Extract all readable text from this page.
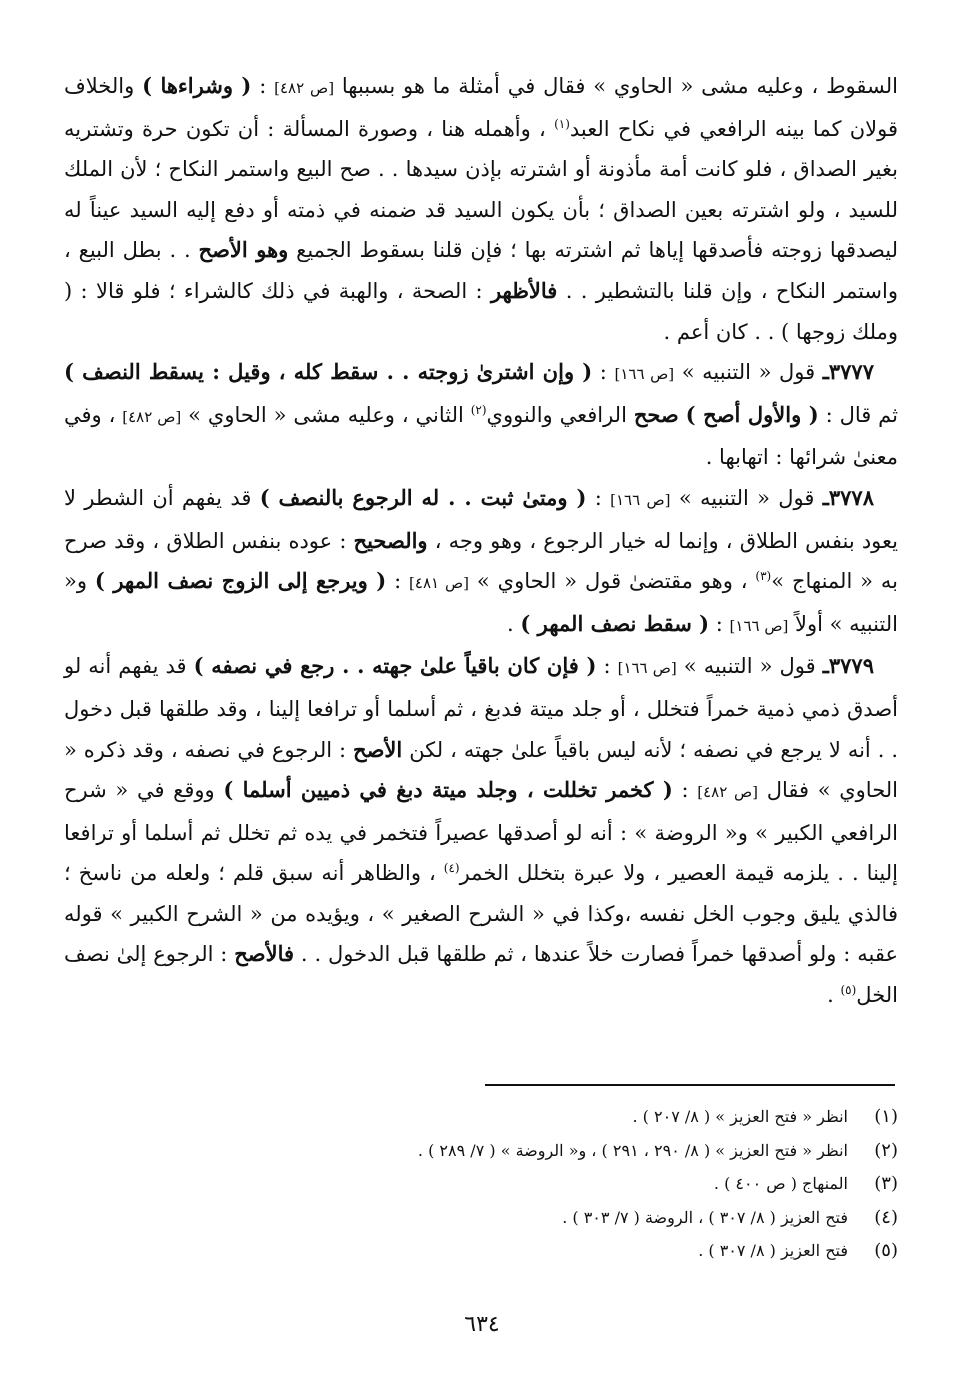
السقوط ، وعليه مشى « الحاوي » فقال في أمثلة ما هو بسببها [ص ٤٨٢] : ( وشراءها ) والخلاف قولان كما بينه الرافعي في نكاح العبد$^{(١)}$ ، وأهمله هنا ، وصورة المسألة : أن تكون حرة وتشتريه بغير الصداق ، فلو كانت أمة مأذونة أو اشترته بإذن سيدها . . صح البيع واستمر النكاح ؛ لأن الملك للسيد ، ولو اشترته بعين الصداق ؛ بأن يكون السيد قد ضمنه في ذمته أو دفع إليه السيد عيناً له ليصدقها زوجته فأصدقها إياها ثم اشترته بها ؛ فإن قلنا بسقوط الجميع وهو الأصح . . بطل البيع ، واستمر النكاح ، وإن قلنا بالتشطير . . فالأظهر : الصحة ، والهبة في ذلك كالشراء ؛ فلو قالا : ( وملك زوجها ) . . كان أعم .

٣٧٧٧ـ قول « التنبيه » [ص ١٦٦] : ( وإن اشترىٰ زوجته . . سقط كله ، وقيل : يسقط النصف ) ثم قال : ( والأول أصح ) صحح الرافعي والنووي$^{(٢)}$ الثاني ، وعليه مشى « الحاوي » [ص ٤٨٢] ، وفي معنىٰ شرائها : اتهابها .

٣٧٧٨ـ قول « التنبيه » [ص ١٦٦] : ( ومتىٰ ثبت . . له الرجوع بالنصف ) قد يفهم أن الشطر لا يعود بنفس الطلاق ، وإنما له خيار الرجوع ، وهو وجه ، والصحيح : عوده بنفس الطلاق ، وقد صرح به « المنهاج »$^{(٣)}$ ، وهو مقتضىٰ قول « الحاوي » [ص ٤٨١] : ( ويرجع إلى الزوج نصف المهر ) و« التنبيه » أولاً [ص ١٦٦] : ( سقط نصف المهر ) .

٣٧٧٩ـ قول « التنبيه » [ص ١٦٦] : ( فإن كان باقياً علىٰ جهته . . رجع في نصفه ) قد يفهم أنه لو أصدق ذمي ذمية خمراً فتخلل ، أو جلد ميتة فدبغ ، ثم أسلما أو ترافعا إلينا ، وقد طلقها قبل دخول . . أنه لا يرجع في نصفه ؛ لأنه ليس باقياً علىٰ جهته ، لكن الأصح : الرجوع في نصفه ، وقد ذكره « الحاوي » فقال [ص ٤٨٢] : ( كخمر تخللت ، وجلد ميتة دبغ في ذميين أسلما ) ووقع في « شرح الرافعي الكبير » و« الروضة » : أنه لو أصدقها عصيراً فتخمر في يده ثم تخلل ثم أسلما أو ترافعا إلينا . . يلزمه قيمة العصير ، ولا عبرة بتخلل الخمر$^{(٤)}$ ، والظاهر أنه سبق قلم ؛ ولعله من ناسخ ؛ فالذي يليق وجوب الخل نفسه ،وكذا في « الشرح الصغير » ، ويؤيده من « الشرح الكبير » قوله عقبه : ولو أصدقها خمراً فصارت خلاً عندها ، ثم طلقها قبل الدخول . . فالأصح : الرجوع إلىٰ نصف الخل$^{(٥)}$ .

(١)
انظر « فتح العزيز » ( ٨/ ٢٠٧ ) .
(٢)
انظر « فتح العزيز » ( ٨/ ٢٩٠ ، ٢٩١ ) ، و« الروضة » ( ٧/ ٢٨٩ ) .
(٣)
المنهاج ( ص ٤٠٠ ) .
(٤)
فتح العزيز ( ٨/ ٣٠٧ ) ، الروضة ( ٧/ ٣٠٣ ) .
(٥)
فتح العزيز ( ٨/ ٣٠٧ ) .
٦٣٤
